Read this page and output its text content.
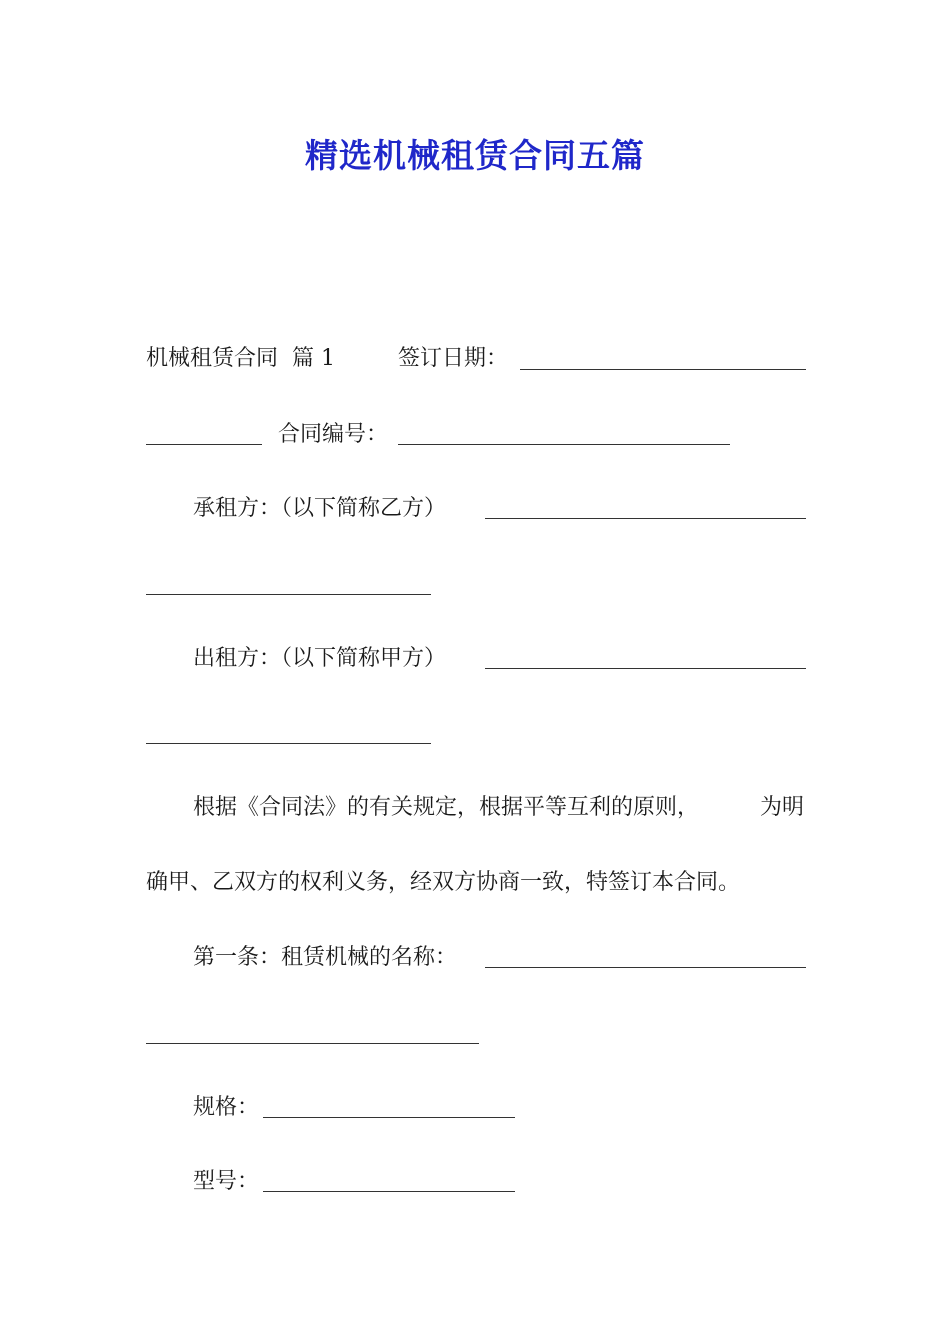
精选机械租赁合同五篇
机械租赁合同 篇 1	签订日期：
合同编号：
承租方：（以下简称乙方）
出租方：（以下简称甲方）
根据《合同法》的有关规定，根据平等互利的原则，	为明
确甲、乙双方的权利义务，经双方协商一致，特签订本合同。
第一条：租赁机械的名称：
规格：
型号：
